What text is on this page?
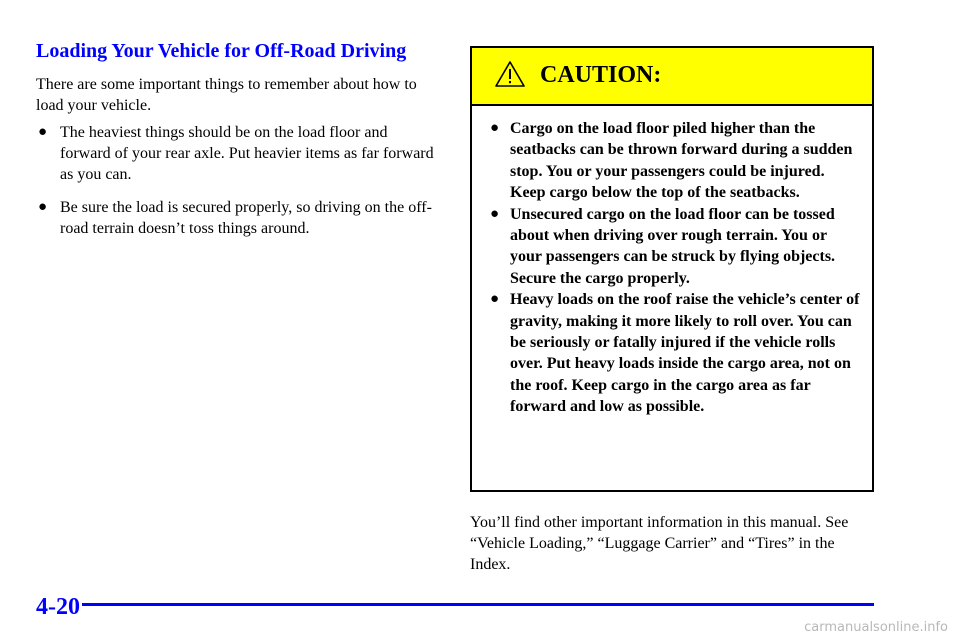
Loading Your Vehicle for Off-Road Driving

There are some important things to remember about how to load your vehicle.

● The heaviest things should be on the load floor and forward of your rear axle. Put heavier items as far forward as you can.
● Be sure the load is secured properly, so driving on the off-road terrain doesn’t toss things around.
CAUTION:
● Cargo on the load floor piled higher than the seatbacks can be thrown forward during a sudden stop. You or your passengers could be injured. Keep cargo below the top of the seatbacks.
● Unsecured cargo on the load floor can be tossed about when driving over rough terrain. You or your passengers can be struck by flying objects. Secure the cargo properly.
● Heavy loads on the roof raise the vehicle’s center of gravity, making it more likely to roll over. You can be seriously or fatally injured if the vehicle rolls over. Put heavy loads inside the cargo area, not on the roof. Keep cargo in the cargo area as far forward and low as possible.

You’ll find other important information in this manual. See “Vehicle Loading,” “Luggage Carrier” and “Tires” in the Index.

4-20
carmanualsonline.info
